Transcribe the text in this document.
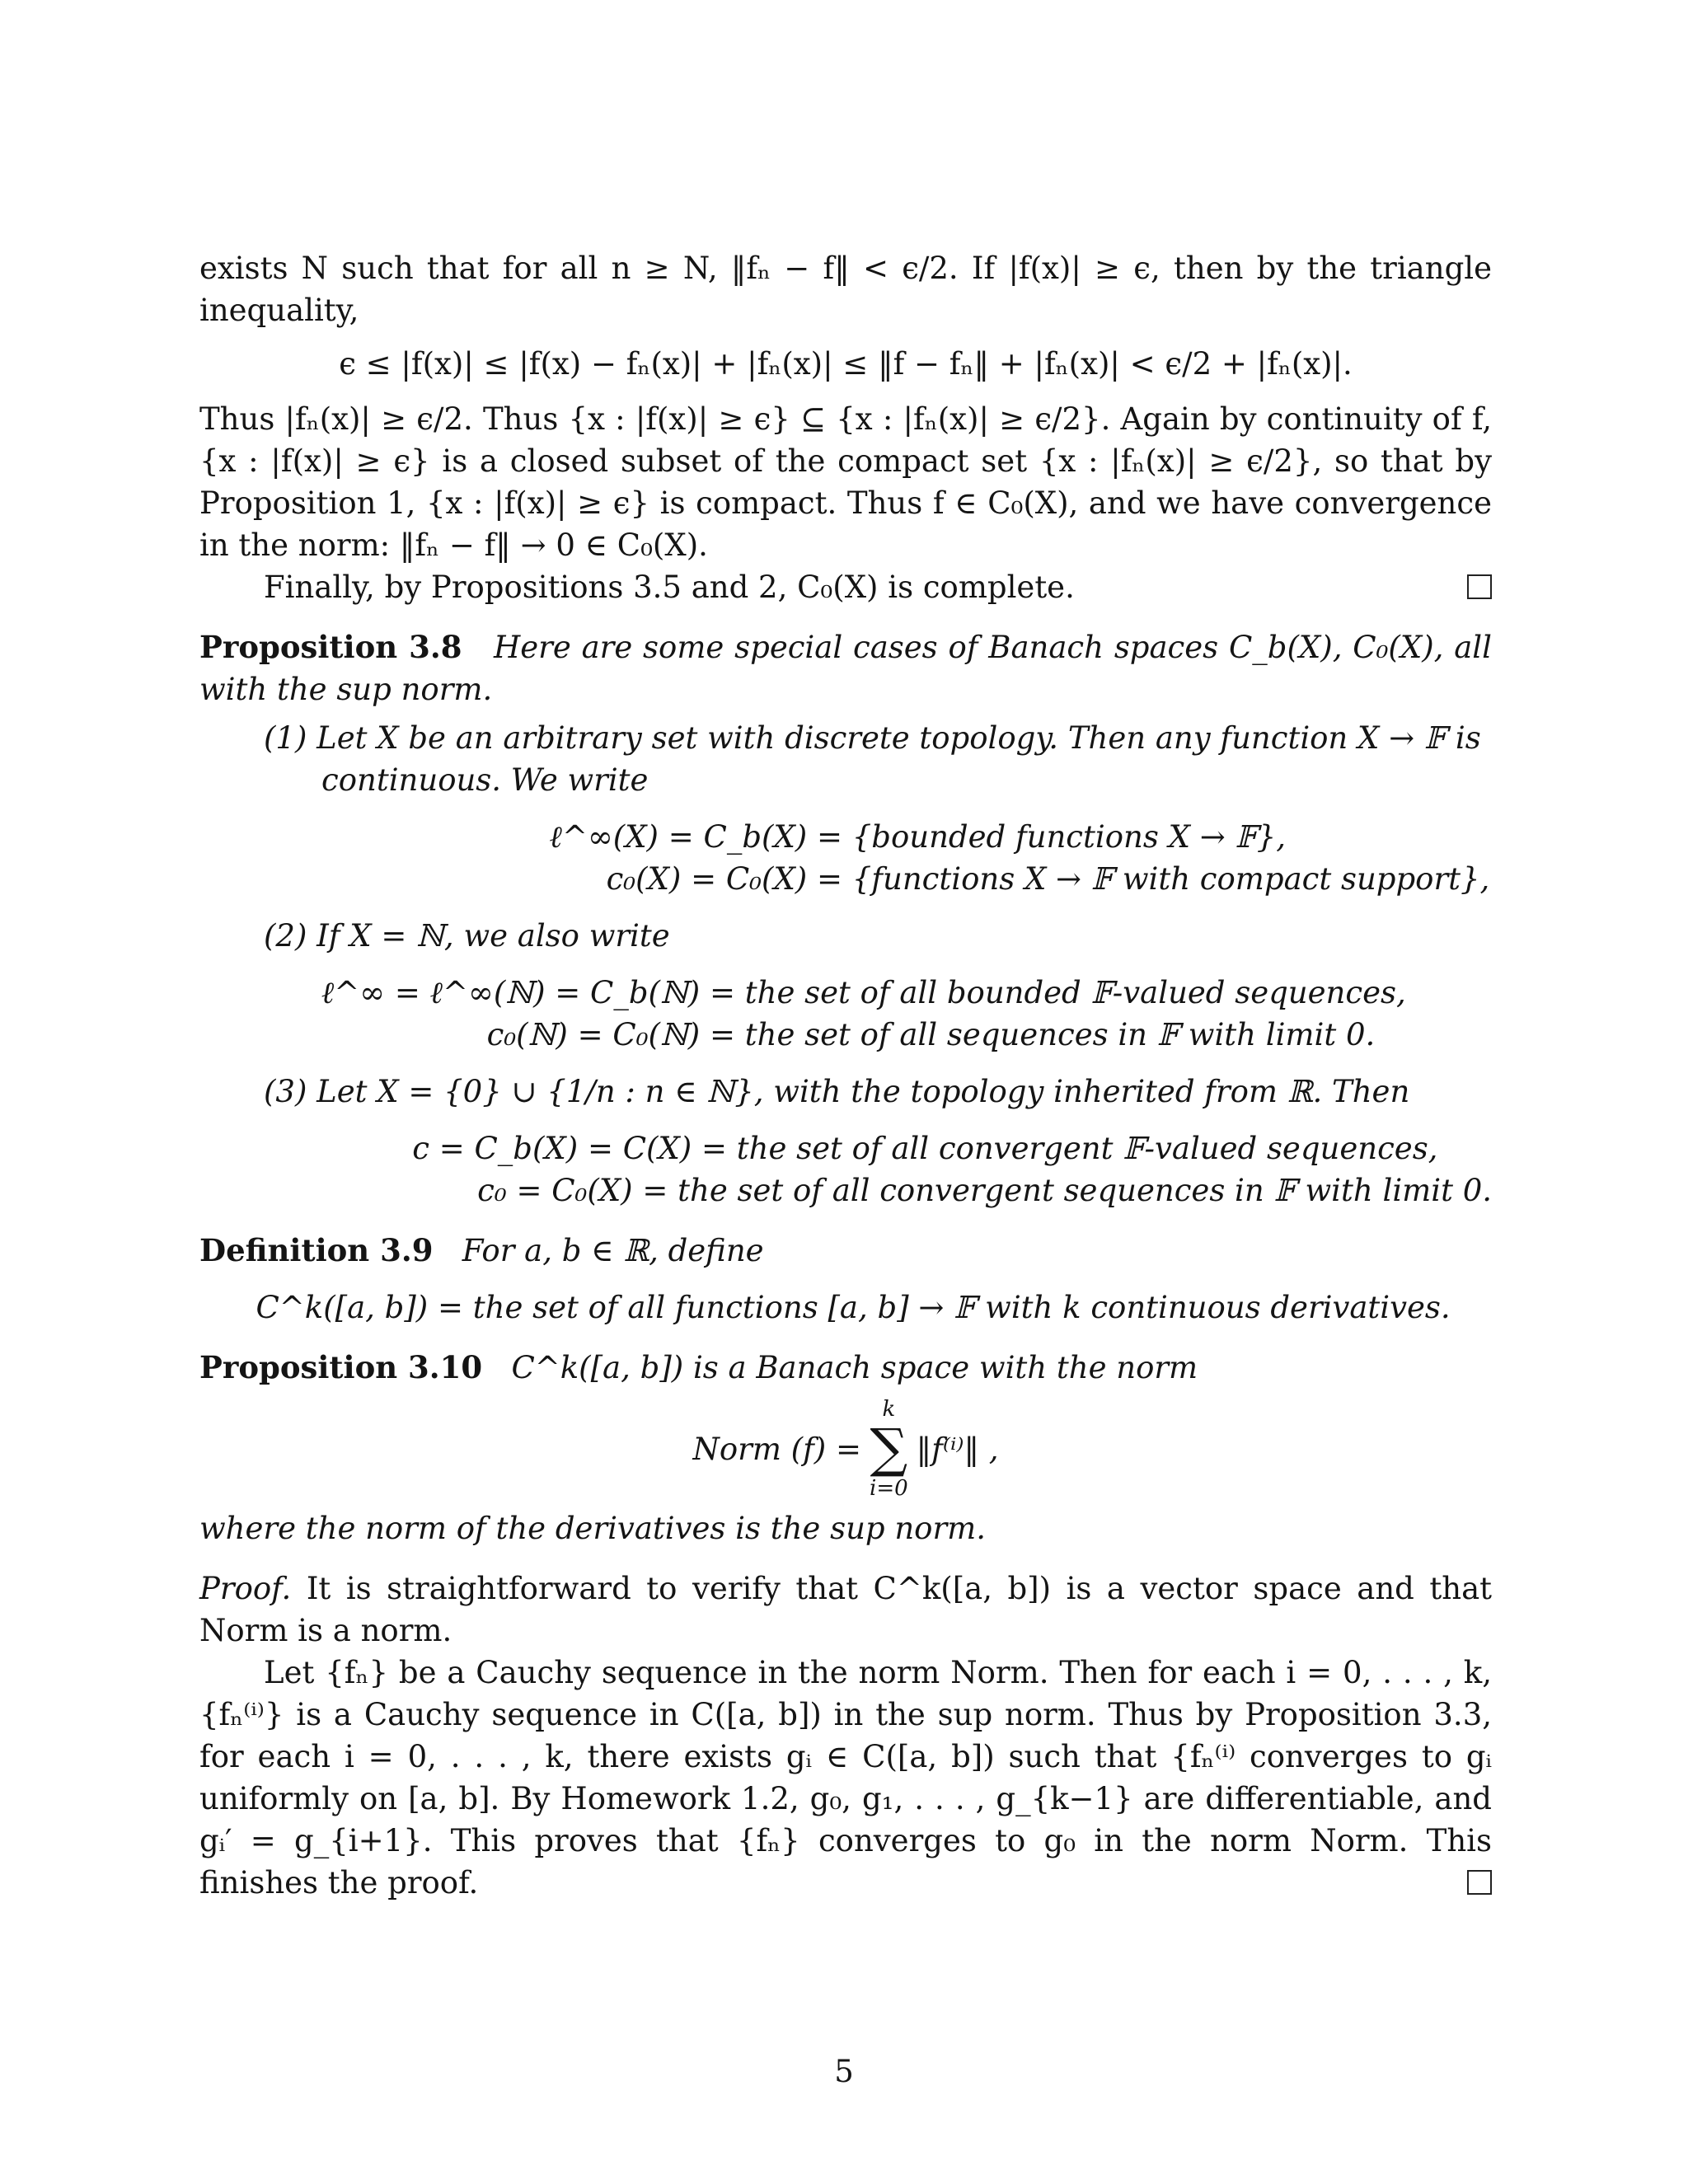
exists N such that for all n ≥ N, ‖fₙ − f‖ < ϵ/2. If |f(x)| ≥ ϵ, then by the triangle inequality,

ϵ ≤ |f(x)| ≤ |f(x) − fₙ(x)| + |fₙ(x)| ≤ ‖f − fₙ‖ + |fₙ(x)| < ϵ/2 + |fₙ(x)|.

Thus |fₙ(x)| ≥ ϵ/2. Thus {x : |f(x)| ≥ ϵ} ⊆ {x : |fₙ(x)| ≥ ϵ/2}. Again by continuity of f, {x : |f(x)| ≥ ϵ} is a closed subset of the compact set {x : |fₙ(x)| ≥ ϵ/2}, so that by Proposition 1, {x : |f(x)| ≥ ϵ} is compact. Thus f ∈ C₀(X), and we have convergence in the norm: ‖fₙ − f‖ → 0 ∈ C₀(X).

Finally, by Propositions 3.5 and 2, C₀(X) is complete.

Proposition 3.8 Here are some special cases of Banach spaces C_b(X), C₀(X), all with the sup norm.

(1) Let X be an arbitrary set with discrete topology. Then any function X → 𝔽 is continuous. We write
ℓ^∞(X) = C_b(X) =
{bounded functions X → 𝔽},
c₀(X) = C₀(X) =
{functions X → 𝔽 with compact support},
(2) If X = ℕ, we also write
ℓ^∞ = ℓ^∞(ℕ) = C_b(ℕ) =
the set of all bounded 𝔽-valued sequences,
c₀(ℕ) = C₀(ℕ) =
the set of all sequences in 𝔽 with limit 0.
(3) Let X = {0} ∪ {1/n : n ∈ ℕ}, with the topology inherited from ℝ. Then
c = C_b(X) = C(X) =
the set of all convergent 𝔽-valued sequences,
c₀ = C₀(X) =
the set of all convergent sequences in 𝔽 with limit 0.

Definition 3.9 For a, b ∈ ℝ, define

C^k([a, b]) =
the set of all functions [a, b] → 𝔽 with k continuous derivatives.

Proposition 3.10 C^k([a, b]) is a Banach space with the norm

Norm (f) =
k
∑
i=0
‖f⁽ⁱ⁾‖ ,

where the norm of the derivatives is the sup norm.

Proof. It is straightforward to verify that C^k([a, b]) is a vector space and that Norm is a norm.

Let {fₙ} be a Cauchy sequence in the norm Norm. Then for each i = 0, . . . , k, {fₙ⁽ⁱ⁾} is a Cauchy sequence in C([a, b]) in the sup norm. Thus by Proposition 3.3, for each i = 0, . . . , k, there exists gᵢ ∈ C([a, b]) such that {fₙ⁽ⁱ⁾ converges to gᵢ uniformly on [a, b]. By Homework 1.2, g₀, g₁, . . . , g_{k−1} are differentiable, and gᵢ′ = g_{i+1}. This proves that {fₙ} converges to g₀ in the norm Norm. This finishes the proof.

5
